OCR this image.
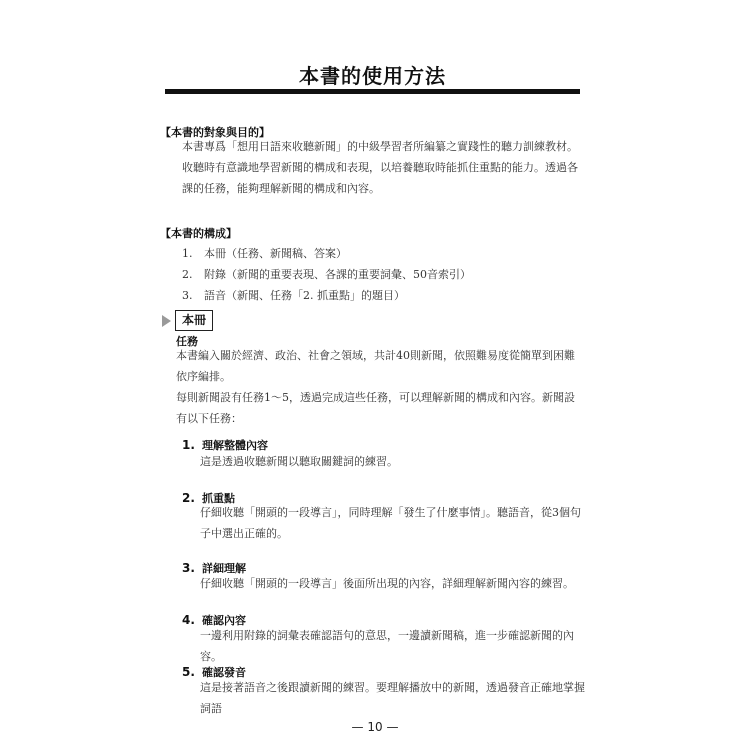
本書的使用方法
【本書的對象與目的】

本書專爲「想用日語來收聽新聞」的中級學習者所編纂之實踐性的聽力訓練教材。收聽時有意識地學習新聞的構成和表現，以培養聽取時能抓住重點的能力。透過各課的任務，能夠理解新聞的構成和內容。

【本書的構成】
1. 本冊（任務、新聞稿、答案）
2. 附錄（新聞的重要表現、各課的重要詞彙、50音索引）
3. 語音（新聞、任務「2. 抓重點」的題目）
本冊
任務

本書編入關於經濟、政治、社會之領域，共計40則新聞，依照難易度從簡單到困難依序編排。

每則新聞設有任務1～5，透過完成這些任務，可以理解新聞的構成和內容。新聞設有以下任務：

1. 理解整體內容
這是透過收聽新聞以聽取關鍵詞的練習。
2. 抓重點
仔細收聽「開頭的一段導言」，同時理解「發生了什麼事情」。聽語音，從3個句子中選出正確的。
3. 詳細理解
仔細收聽「開頭的一段導言」後面所出現的內容，詳細理解新聞內容的練習。
4. 確認內容
一邊利用附錄的詞彙表確認語句的意思，一邊讀新聞稿，進一步確認新聞的內容。
5. 確認發音
這是接著語音之後跟讀新聞的練習。要理解播放中的新聞，透過發音正確地掌握詞語
— 10 —
